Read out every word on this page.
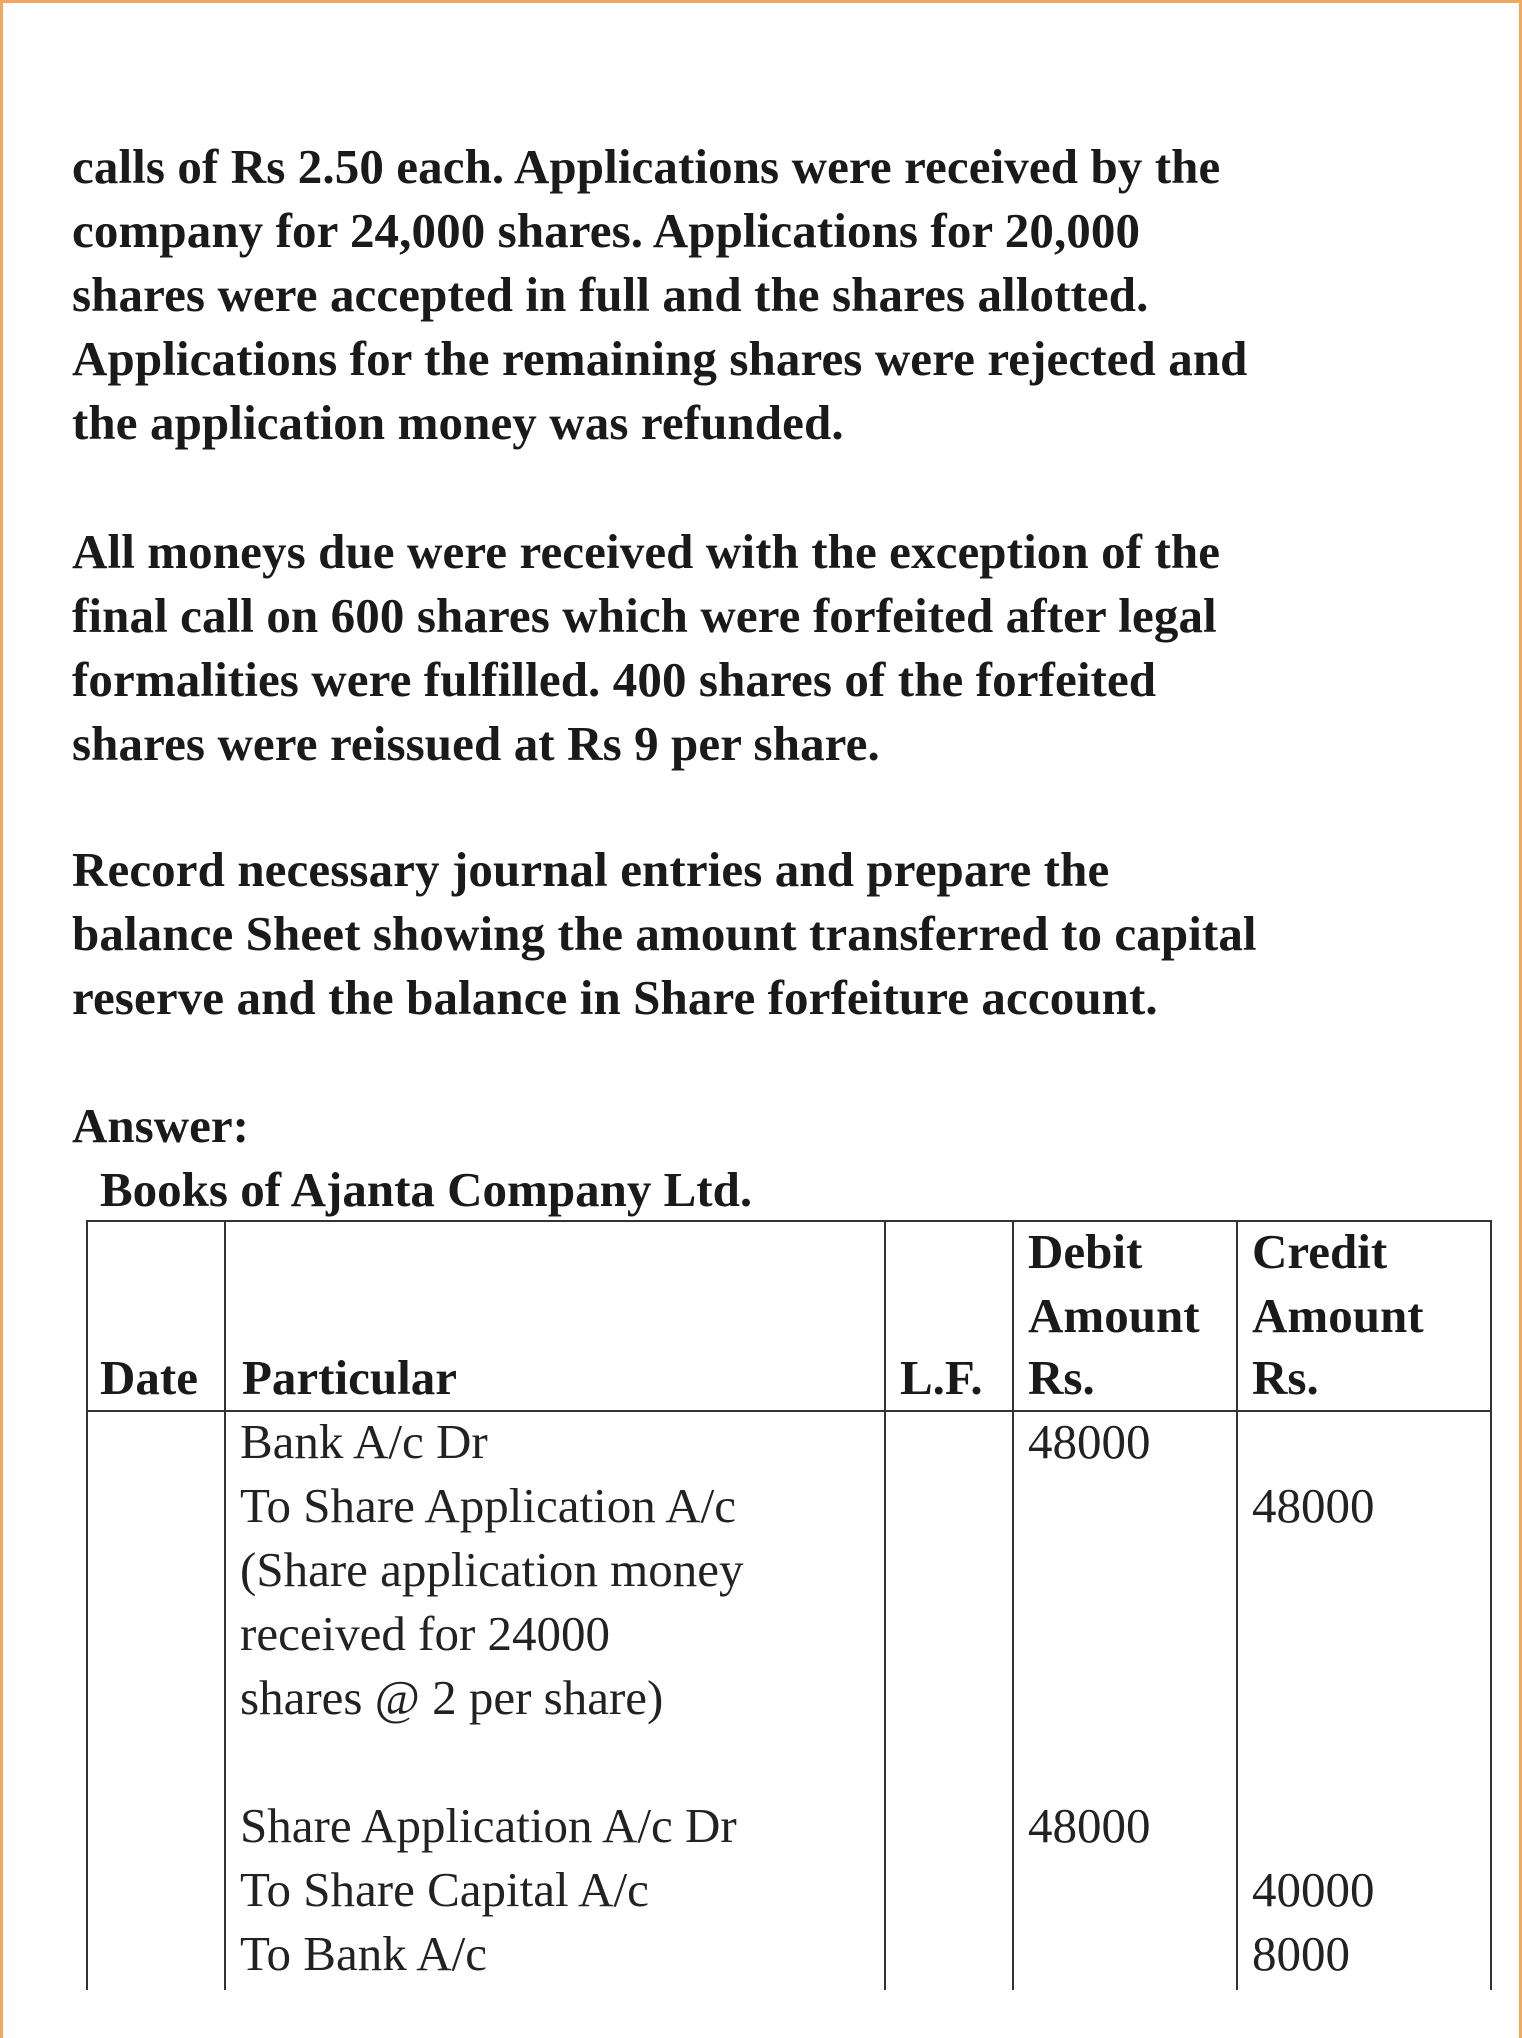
calls of Rs 2.50 each. Applications were received by the
company for 24,000 shares. Applications for 20,000
shares were accepted in full and the shares allotted.
Applications for the remaining shares were rejected and
the application money was refunded.
All moneys due were received with the exception of the
final call on 600 shares which were forfeited after legal
formalities were fulfilled. 400 shares of the forfeited
shares were reissued at Rs 9 per share.
Record necessary journal entries and prepare the
balance Sheet showing the amount transferred to capital
reserve and the balance in Share forfeiture account.

Answer:

Books of Ajanta Company Ltd.

Date Particular	L.F.
Debit
Amount
Rs.
Credit
Amount
Rs.
Bank A/c Dr
To Share Application A/c
(Share application money
received for 24000
shares @ 2 per share)
48000
48000
Share Application A/c Dr
To Share Capital A/c
To Bank A/c
48000
40000
8000
